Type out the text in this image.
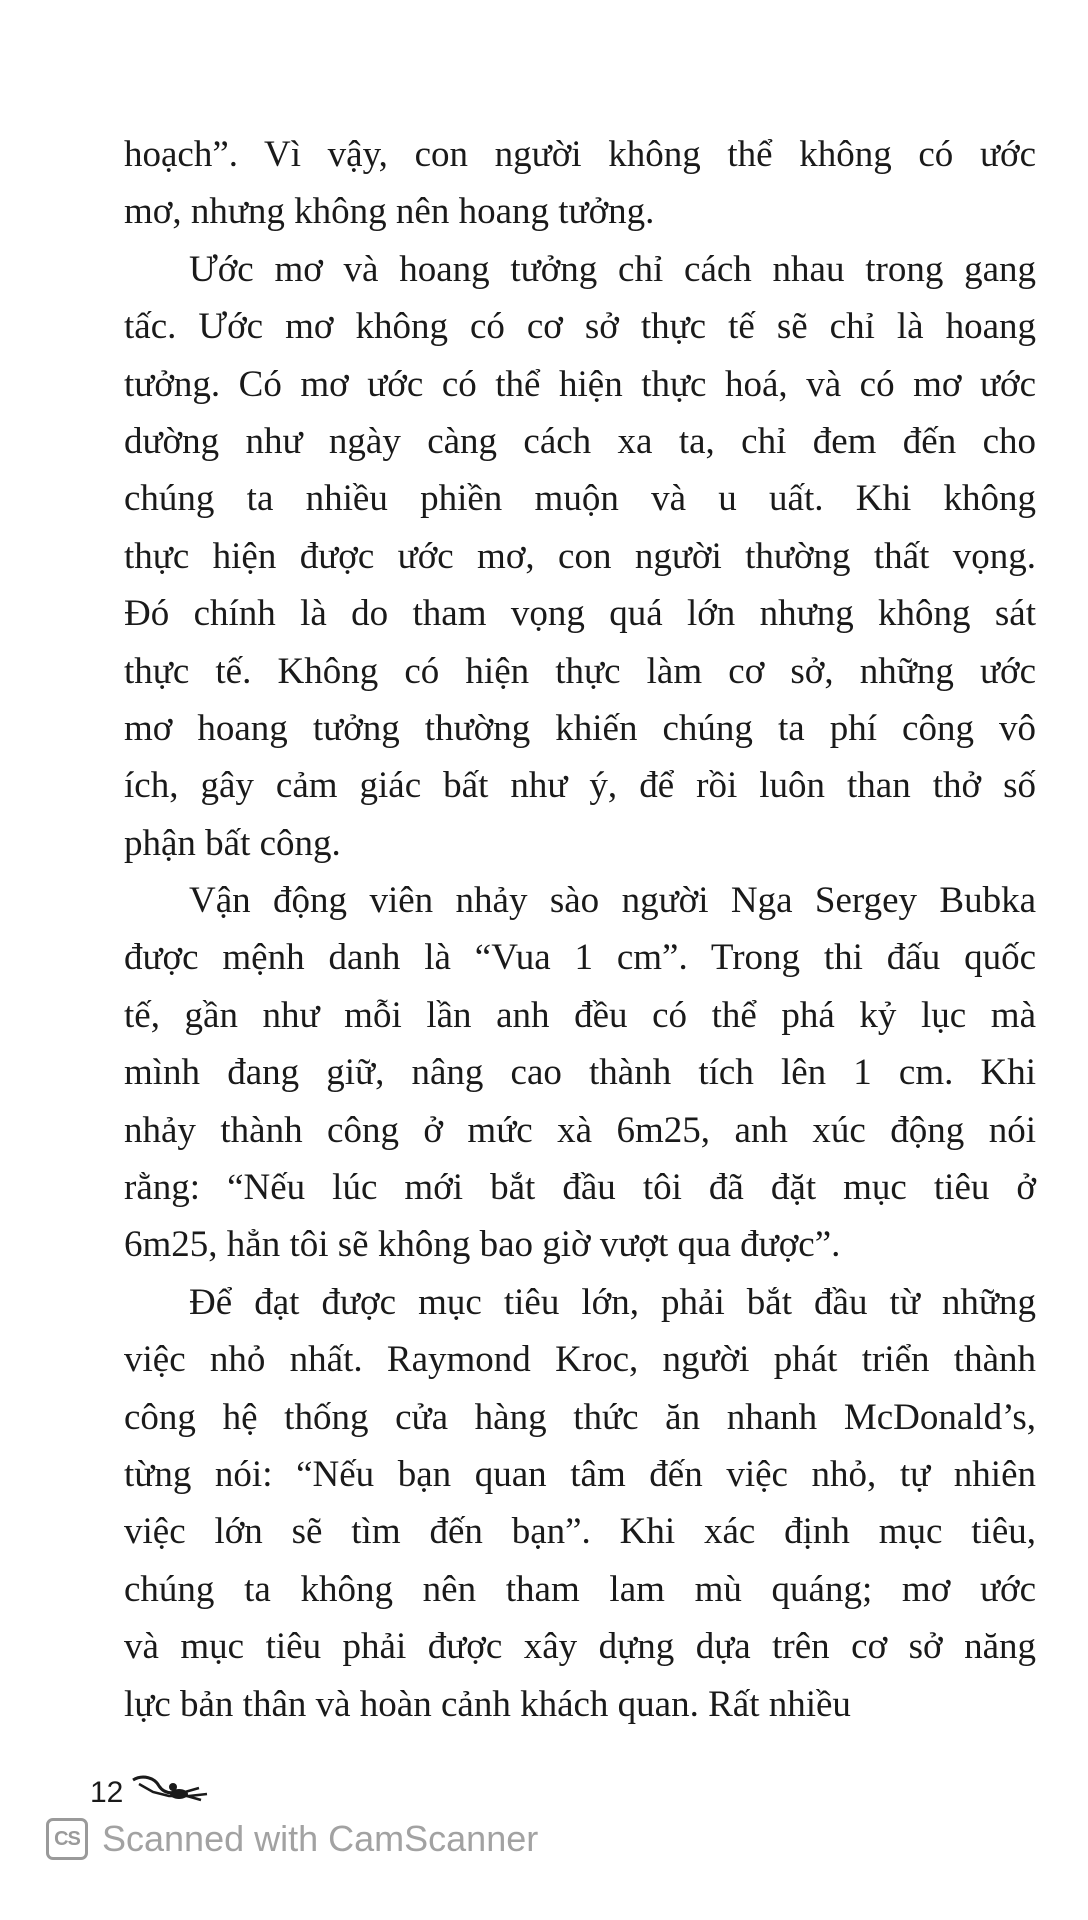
hoạch”. Vì vậy, con người không thể không có ước
mơ, nhưng không nên hoang tưởng.
Ước mơ và hoang tưởng chỉ cách nhau trong gang
tấc. Ước mơ không có cơ sở thực tế sẽ chỉ là hoang
tưởng. Có mơ ước có thể hiện thực hoá, và có mơ ước
dường như ngày càng cách xa ta, chỉ đem đến cho
chúng ta nhiều phiền muộn và u uất. Khi không
thực hiện được ước mơ, con người thường thất vọng.
Đó chính là do tham vọng quá lớn nhưng không sát
thực tế. Không có hiện thực làm cơ sở, những ước
mơ hoang tưởng thường khiến chúng ta phí công vô
ích, gây cảm giác bất như ý, để rồi luôn than thở số
phận bất công.
Vận động viên nhảy sào người Nga Sergey Bubka
được mệnh danh là “Vua 1 cm”. Trong thi đấu quốc
tế, gần như mỗi lần anh đều có thể phá kỷ lục mà
mình đang giữ, nâng cao thành tích lên 1 cm. Khi
nhảy thành công ở mức xà 6m25, anh xúc động nói
rằng: “Nếu lúc mới bắt đầu tôi đã đặt mục tiêu ở
6m25, hẳn tôi sẽ không bao giờ vượt qua được”.
Để đạt được mục tiêu lớn, phải bắt đầu từ những
việc nhỏ nhất. Raymond Kroc, người phát triển thành
công hệ thống cửa hàng thức ăn nhanh McDonald’s,
từng nói: “Nếu bạn quan tâm đến việc nhỏ, tự nhiên
việc lớn sẽ tìm đến bạn”. Khi xác định mục tiêu,
chúng ta không nên tham lam mù quáng; mơ ước
và mục tiêu phải được xây dựng dựa trên cơ sở năng
lực bản thân và hoàn cảnh khách quan. Rất nhiều
12
CS Scanned with CamScanner
